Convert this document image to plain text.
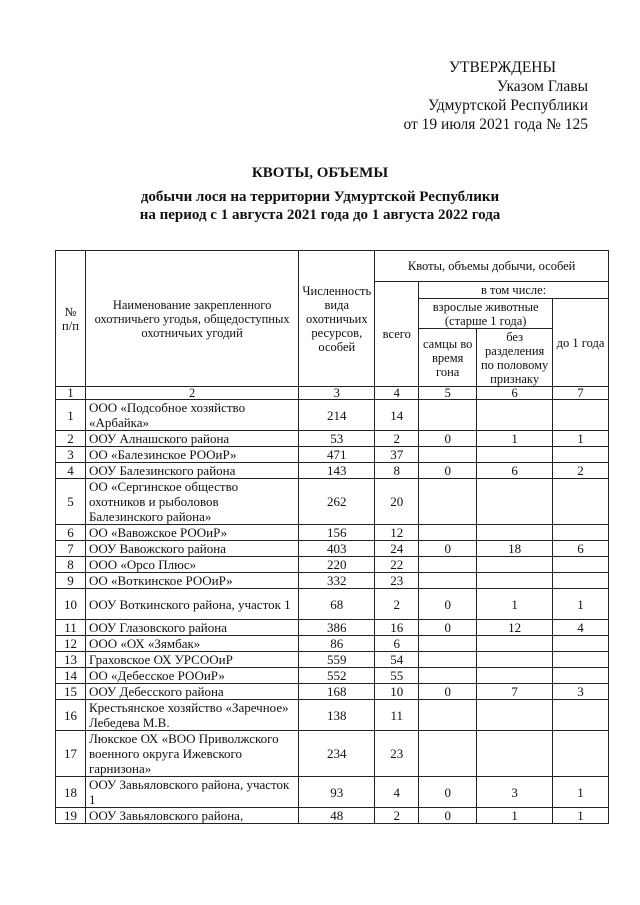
УТВЕРЖДЕНЫ
Указом Главы
Удмуртской Республики
от 19 июля 2021 года № 125
КВОТЫ, ОБЪЕМЫ
добычи лося на территории Удмуртской Республики
на период с 1 августа 2021 года до 1 августа 2022 года
№ п/п	Наименование закрепленного охотничьего угодья, общедоступных охотничьих угодий	Численность вида охотничьих ресурсов, особей	Квоты, объемы добычи, особей			
			всего	в том числе:		
				взрослые животные (старше 1 года)		до 1 года
				самцы во время гона	без разделения по половому признаку	
1	2	3	4	5	6	7
1	ООО «Подсобное хозяйство «Арбайка»	214	14			
2	ООУ Алнашского района	53	2	0	1	1
3	ОО «Балезинское РООиР»	471	37			
4	ООУ Балезинского района	143	8	0	6	2
5	ОО «Сергинское общество охотников и рыболовов Балезинского района»	262	20			
6	ОО «Вавожское РООиР»	156	12			
7	ООУ Вавожского района	403	24	0	18	6
8	ООО «Орсо Плюс»	220	22			
9	ОО «Воткинское РООиР»	332	23			
10	ООУ Воткинского района, участок 1	68	2	0	1	1
11	ООУ Глазовского района	386	16	0	12	4
12	ООО «ОХ «Зямбак»	86	6			
13	Граховское ОХ УРСООиР	559	54			
14	ОО «Дебесское РООиР»	552	55			
15	ООУ Дебесского района	168	10	0	7	3
16	Крестьянское хозяйство «Заречное» Лебедева М.В.	138	11			
17	Люкское ОХ «ВОО Приволжского военного округа Ижевского гарнизона»	234	23			
18	ООУ Завьяловского района, участок 1	93	4	0	3	1
19	ООУ Завьяловского района,	48	2	0	1	1
